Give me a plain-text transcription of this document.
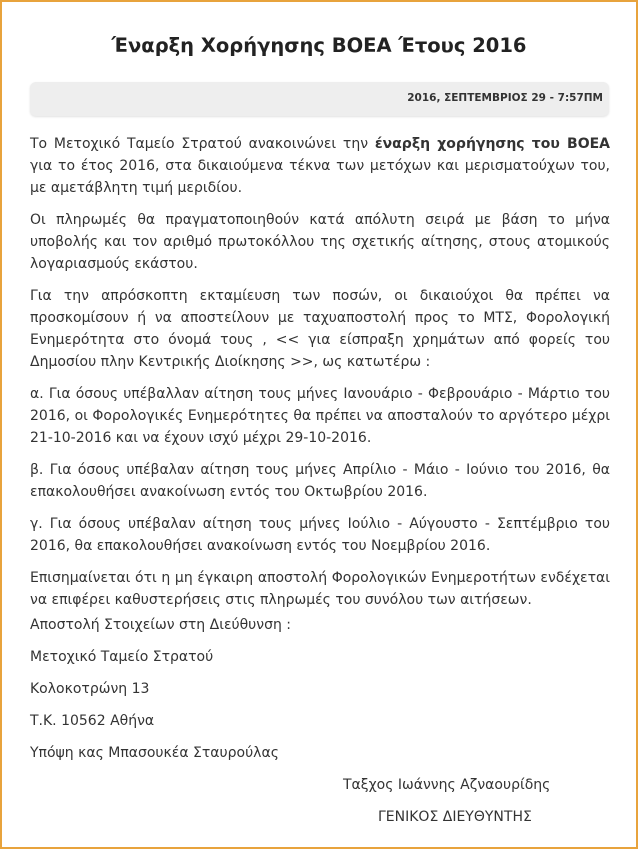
Έναρξη Χορήγησης ΒΟΕΑ Έτους 2016
2016, ΣΕΠΤΕΜΒΡΙΟΣ 29 - 7:57ΠΜ

Το Μετοχικό Ταμείο Στρατού ανακοινώνει την έναρξη χορήγησης του ΒΟΕΑ για το έτος 2016, στα δικαιούμενα τέκνα των μετόχων και μερισματούχων του, με αμετάβλητη τιμή μεριδίου.

Οι πληρωμές θα πραγματοποιηθούν κατά απόλυτη σειρά με βάση το μήνα υποβολής και τον αριθμό πρωτοκόλλου της σχετικής αίτησης, στους ατομικούς λογαριασμούς εκάστου.

Για την απρόσκοπτη εκταμίευση των ποσών, οι δικαιούχοι θα πρέπει να προσκομίσουν ή να αποστείλουν με ταχυαποστολή προς το ΜΤΣ, Φορολογική Ενημερότητα στο όνομά τους , << για είσπραξη χρημάτων από φορείς του Δημοσίου πλην Κεντρικής Διοίκησης >>, ως κατωτέρω :

α. Για όσους υπέβαλλαν αίτηση τους μήνες Ιανουάριο - Φεβρουάριο - Μάρτιο του 2016, οι Φορολογικές Ενημερότητες θα πρέπει να αποσταλούν το αργότερο μέχρι 21-10-2016 και να έχουν ισχύ μέχρι 29-10-2016.

β. Για όσους υπέβαλαν αίτηση τους μήνες Απρίλιο - Μάιο - Ιούνιο του 2016, θα επακολουθήσει ανακοίνωση εντός του Οκτωβρίου 2016.

γ. Για όσους υπέβαλαν αίτηση τους μήνες Ιούλιο - Αύγουστο - Σεπτέμβριο του 2016, θα επακολουθήσει ανακοίνωση εντός του Νοεμβρίου 2016.

Επισημαίνεται ότι η μη έγκαιρη αποστολή Φορολογικών Ενημεροτήτων ενδέχεται να επιφέρει καθυστερήσεις στις πληρωμές του συνόλου των αιτήσεων.

Αποστολή Στοιχείων στη Διεύθυνση :
Μετοχικό Ταμείο Στρατού
Κολοκοτρώνη 13
Τ.Κ. 10562 Αθήνα
Υπόψη κας Μπασουκέα Σταυρούλας
Ταξχος Ιωάννης Αζναουρίδης
ΓΕΝΙΚΟΣ ΔΙΕΥΘΥΝΤΗΣ
